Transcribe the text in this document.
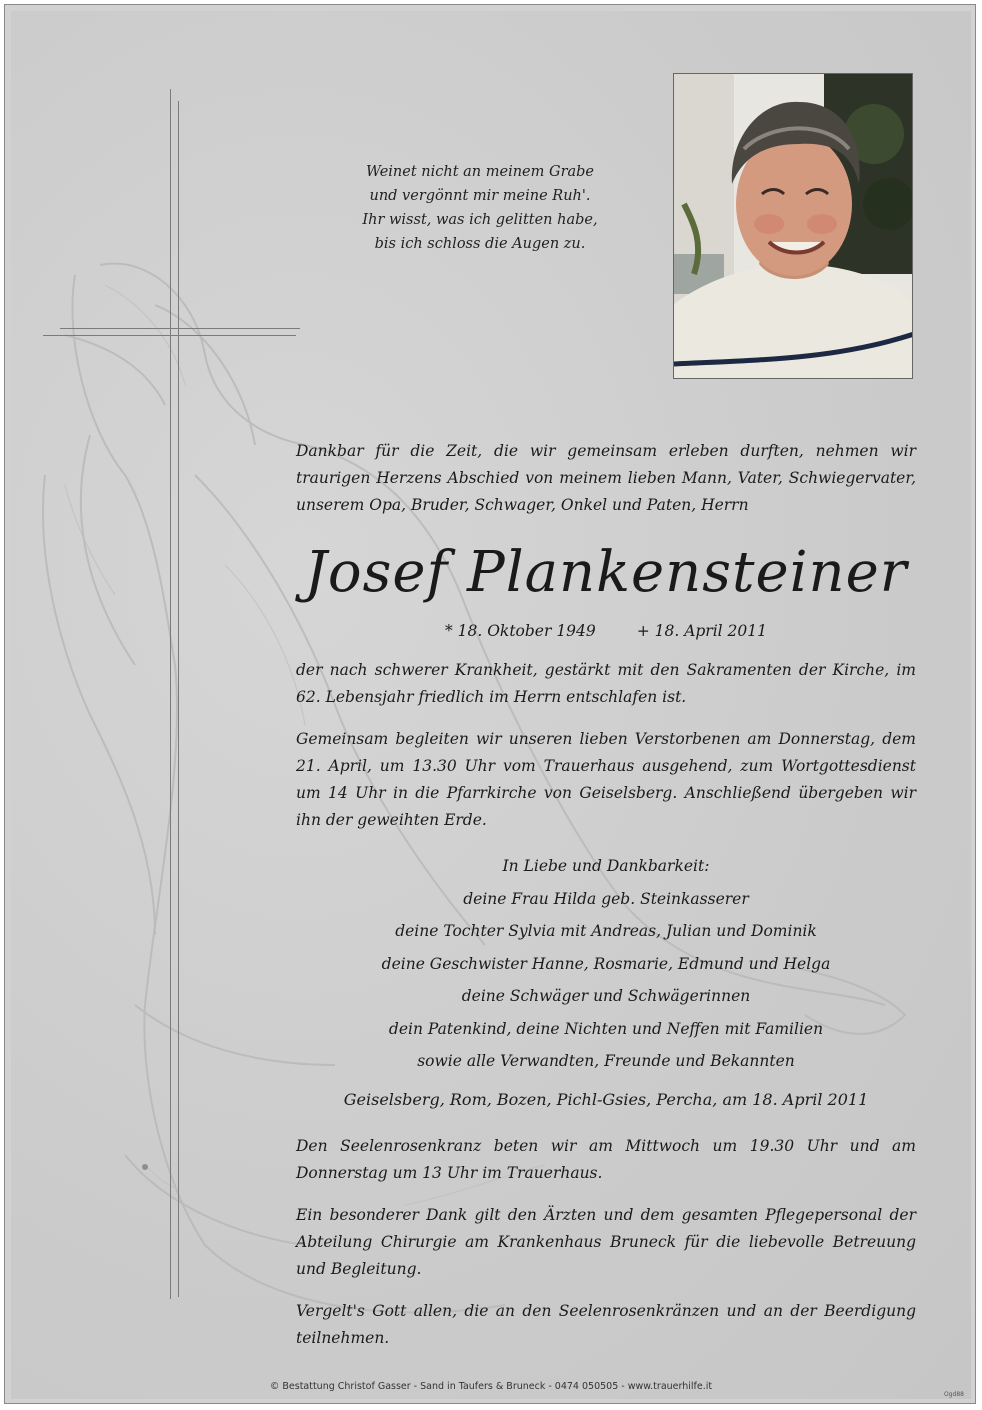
Weinet nicht an meinem Grabe
und vergönnt mir meine Ruh'.
Ihr wisst, was ich gelitten habe,
bis ich schloss die Augen zu.
Dankbar für die Zeit, die wir gemeinsam erleben durften, nehmen wir traurigen Herzens Abschied von meinem lieben Mann, Vater, Schwiegervater, unserem Opa, Bruder, Schwager, Onkel und Paten, Herrn
Josef Plankensteiner
* 18. Oktober 1949	+ 18. April 2011
der nach schwerer Krankheit, gestärkt mit den Sakramenten der Kirche, im 62. Lebensjahr friedlich im Herrn entschlafen ist.
Gemeinsam begleiten wir unseren lieben Verstorbenen am Donnerstag, dem 21. April, um 13.30 Uhr vom Trauerhaus ausgehend, zum Wortgottesdienst um 14 Uhr in die Pfarrkirche von Geiselsberg. Anschließend übergeben wir ihn der geweihten Erde.
In Liebe und Dankbarkeit:
deine Frau Hilda geb. Steinkasserer
deine Tochter Sylvia mit Andreas, Julian und Dominik
deine Geschwister Hanne, Rosmarie, Edmund und Helga
deine Schwäger und Schwägerinnen
dein Patenkind, deine Nichten und Neffen mit Familien
sowie alle Verwandten, Freunde und Bekannten
Geiselsberg, Rom, Bozen, Pichl-Gsies, Percha, am 18. April 2011
Den Seelenrosenkranz beten wir am Mittwoch um 19.30 Uhr und am Donnerstag um 13 Uhr im Trauerhaus.
Ein besonderer Dank gilt den Ärzten und dem gesamten Pflegepersonal der Abteilung Chirurgie am Krankenhaus Bruneck für die liebevolle Betreuung und Begleitung.
Vergelt's Gott allen, die an den Seelenrosenkränzen und an der Beerdigung teilnehmen.
© Bestattung Christof Gasser - Sand in Taufers & Bruneck - 0474 050505 - www.trauerhilfe.it
Ogd88
